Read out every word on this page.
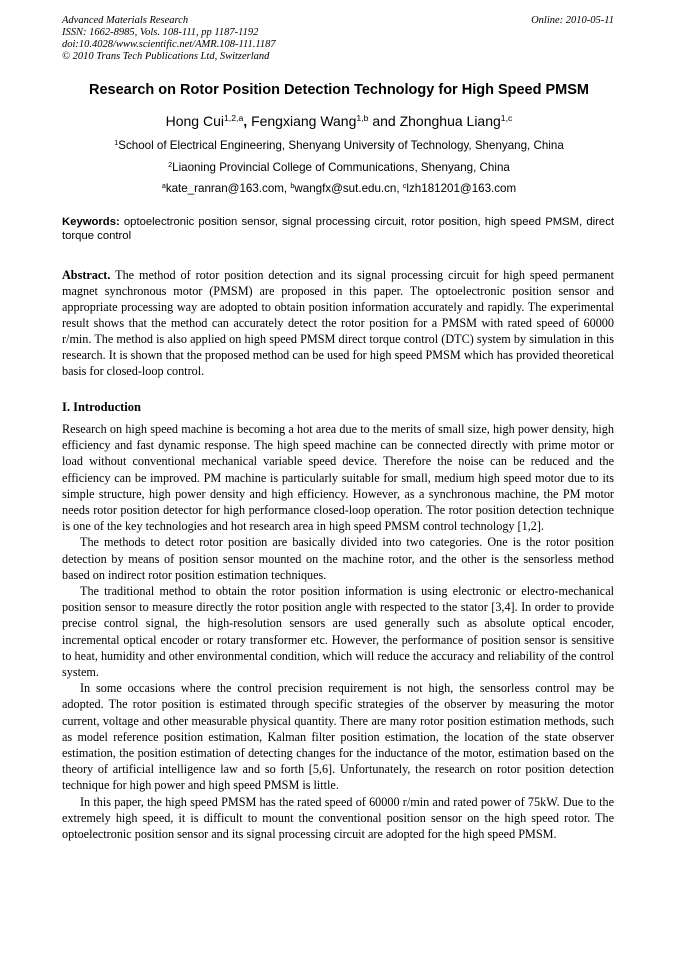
Advanced Materials Research
ISSN: 1662-8985, Vols. 108-111, pp 1187-1192
doi:10.4028/www.scientific.net/AMR.108-111.1187
© 2010 Trans Tech Publications Ltd, Switzerland
Online: 2010-05-11
Research on Rotor Position Detection Technology for High Speed PMSM
Hong Cui$^{1,2,a}$, Fengxiang Wang$^{1,b}$ and Zhonghua Liang$^{1,c}$
$^1$School of Electrical Engineering, Shenyang University of Technology, Shenyang, China
$^2$Liaoning Provincial College of Communications, Shenyang, China
$^a$kate_ranran@163.com, $^b$wangfx@sut.edu.cn, $^c$lzh181201@163.com
Keywords: optoelectronic position sensor, signal processing circuit, rotor position, high speed PMSM, direct torque control
Abstract. The method of rotor position detection and its signal processing circuit for high speed permanent magnet synchronous motor (PMSM) are proposed in this paper. The optoelectronic position sensor and appropriate processing way are adopted to obtain position information accurately and rapidly. The experimental result shows that the method can accurately detect the rotor position for a PMSM with rated speed of 60000 r/min. The method is also applied on high speed PMSM direct torque control (DTC) system by simulation in this research. It is shown that the proposed method can be used for high speed PMSM which has provided theoretical basis for closed-loop control.
I. Introduction

Research on high speed machine is becoming a hot area due to the merits of small size, high power density, high efficiency and fast dynamic response. The high speed machine can be connected directly with prime motor or load without conventional mechanical variable speed device. Therefore the noise can be reduced and the efficiency can be improved. PM machine is particularly suitable for small, medium high speed motor due to its simple structure, high power density and high efficiency. However, as a synchronous machine, the PM motor needs rotor position detector for high performance closed-loop operation. The rotor position detection technique is one of the key technologies and hot research area in high speed PMSM control technology [1,2].

The methods to detect rotor position are basically divided into two categories. One is the rotor position detection by means of position sensor mounted on the machine rotor, and the other is the sensorless method based on indirect rotor position estimation techniques.

The traditional method to obtain the rotor position information is using electronic or electro-mechanical position sensor to measure directly the rotor position angle with respected to the stator [3,4]. In order to provide precise control signal, the high-resolution sensors are used generally such as absolute optical encoder, incremental optical encoder or rotary transformer etc. However, the performance of position sensor is sensitive to heat, humidity and other environmental condition, which will reduce the accuracy and reliability of the control system.

In some occasions where the control precision requirement is not high, the sensorless control may be adopted. The rotor position is estimated through specific strategies of the observer by measuring the motor current, voltage and other measurable physical quantity. There are many rotor position estimation methods, such as model reference position estimation, Kalman filter position estimation, the location of the state observer estimation, the position estimation of detecting changes for the inductance of the motor, estimation based on the theory of artificial intelligence law and so forth [5,6]. Unfortunately, the research on rotor position detection technique for high power and high speed PMSM is little.

In this paper, the high speed PMSM has the rated speed of 60000 r/min and rated power of 75kW. Due to the extremely high speed, it is difficult to mount the conventional position sensor on the high speed rotor. The optoelectronic position sensor and its signal processing circuit are adopted for the high speed PMSM.
